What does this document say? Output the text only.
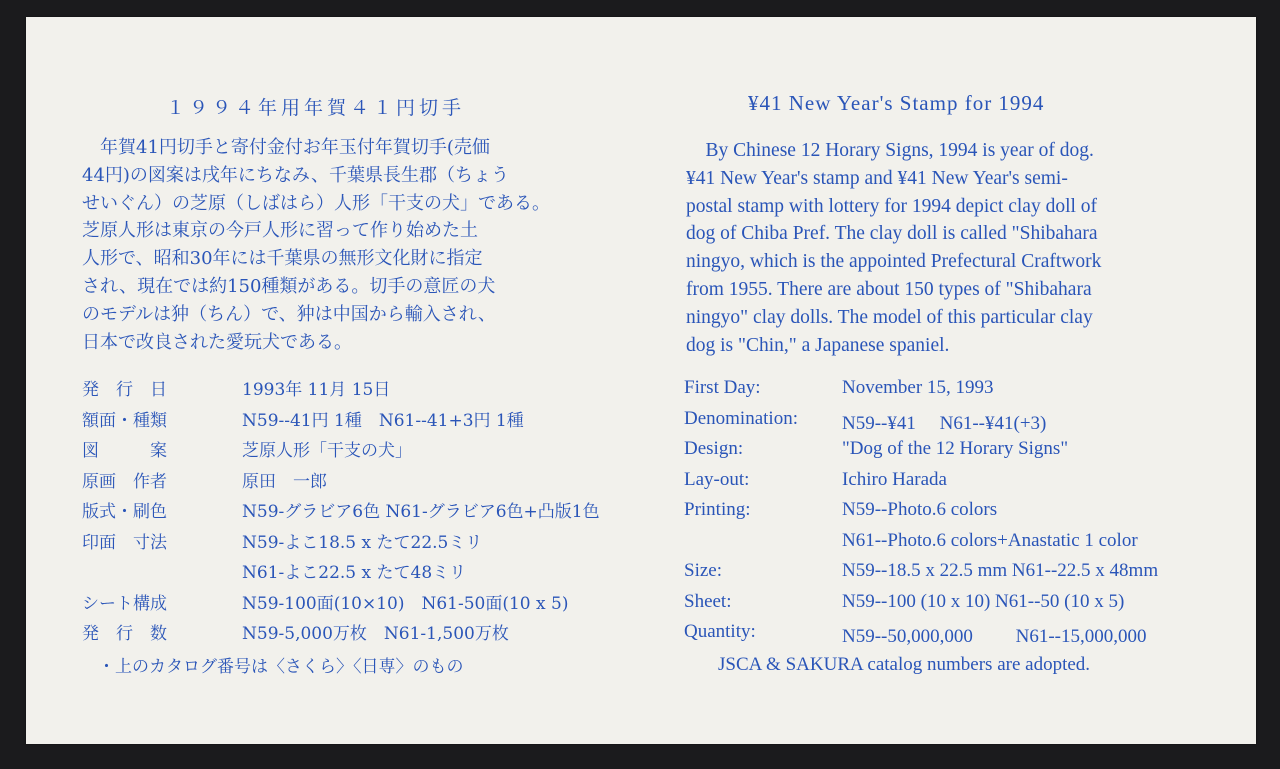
１９９４年用年賀４１円切手	¥41 New Year's Stamp for 1994
　年賀41円切手と寄付金付お年玉付年賀切手(売価
44円)の図案は戌年にちなみ、千葉県長生郡（ちょう
せいぐん）の芝原（しばはら）人形「干支の犬」である。
芝原人形は東京の今戸人形に習って作り始めた土
人形で、昭和30年には千葉県の無形文化財に指定
され、現在では約150種類がある。切手の意匠の犬
のモデルは狆（ちん）で、狆は中国から輸入され、
日本で改良された愛玩犬である。
　By Chinese 12 Horary Signs, 1994 is year of dog.
¥41 New Year's stamp and ¥41 New Year's semi-
postal stamp with lottery for 1994 depict clay doll of
dog of Chiba Pref. The clay doll is called "Shibahara
ningyo, which is the appointed Prefectural Craftwork
from 1955. There are about 150 types of "Shibahara
ningyo" clay dolls. The model of this particular clay
dog is "Chin," a Japanese spaniel.
発　行　日	1993年 11月 15日
額面・種類	N59--41円 1種　N61--41+3円 1種
図　　　案	芝原人形「干支の犬」
原画　作者	原田　一郎
版式・刷色	N59-グラビア6色 N61-グラビア6色+凸版1色
印面　寸法	N59-よこ18.5 x たて22.5ミリ
N61-よこ22.5 x たて48ミリ
シート構成	N59-100面(10×10)　N61-50面(10 x 5)
発　行　数	N59-5,000万枚　N61-1,500万枚
First Day:	November 15, 1993
Denomination: N59--¥41　 N61--¥41(+3)
Design:	"Dog of the 12 Horary Signs"
Lay-out:	Ichiro Harada
Printing:	N59--Photo.6 colors
N61--Photo.6 colors+Anastatic 1 color
Size:	N59--18.5 x 22.5 mm N61--22.5 x 48mm
Sheet:	N59--100 (10 x 10) N61--50 (10 x 5)
Quantity:	N59--50,000,000　　 N61--15,000,000
・上のカタログ番号は〈さくら〉〈日専〉のもの	JSCA & SAKURA catalog numbers are adopted.
